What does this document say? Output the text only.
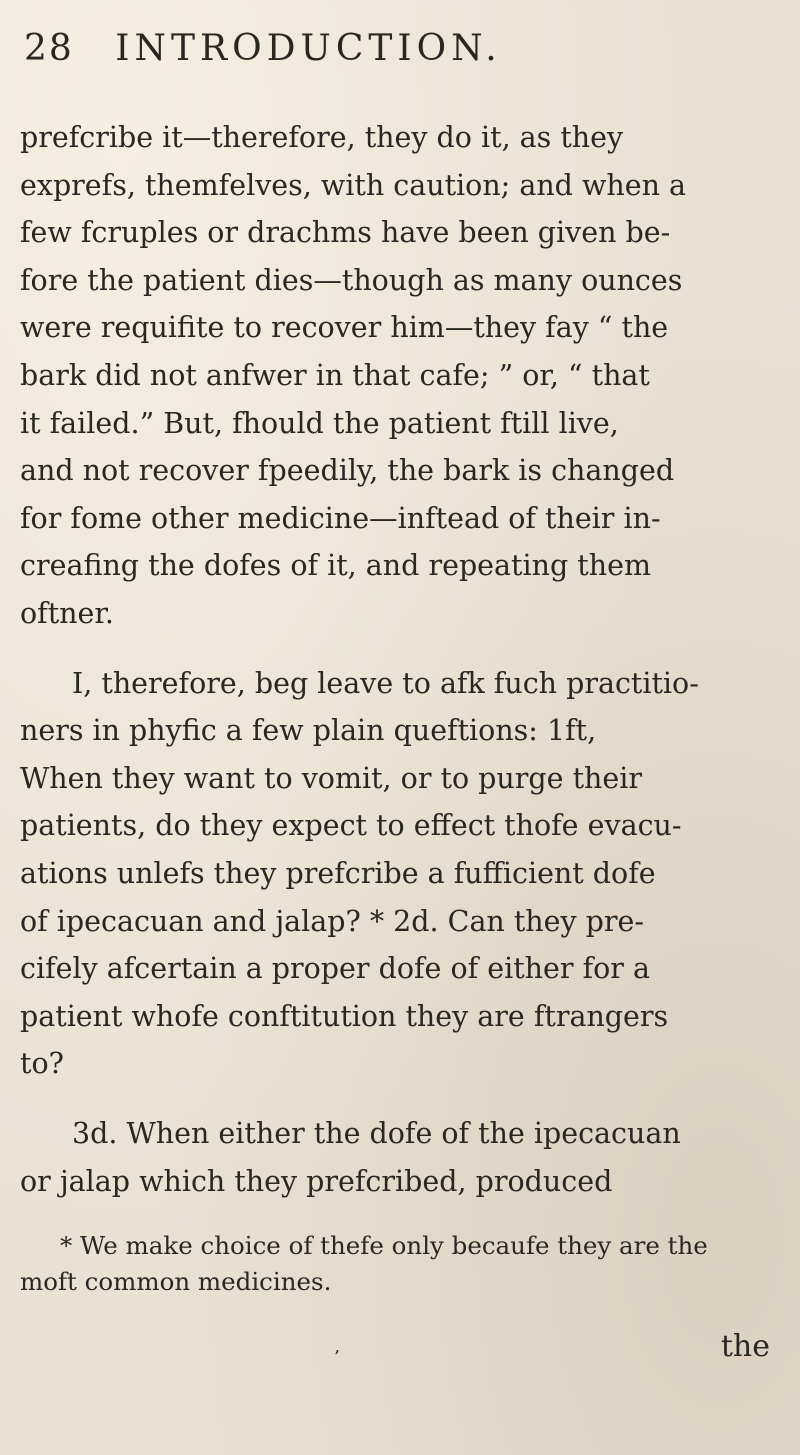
28 INTRODUCTION.
prefcribe it—therefore, they do it, as they
exprefs, themfelves, with caution; and when a
few fcruples or drachms have been given be-
fore the patient dies—though as many ounces
were requifite to recover him—they fay “ the
bark did not anfwer in that cafe; ” or, “ that
it failed.” But, fhould the patient ftill live,
and not recover fpeedily, the bark is changed
for fome other medicine—inftead of their in-
creafing the dofes of it, and repeating them
oftner.
I, therefore, beg leave to afk fuch practitio-
ners in phyfic a few plain queftions: 1ft,
When they want to vomit, or to purge their
patients, do they expect to effect thofe evacu-
ations unlefs they prefcribe a fufficient dofe
of ipecacuan and jalap? * 2d. Can they pre-
cifely afcertain a proper dofe of either for a
patient whofe conftitution they are ftrangers
to?
3d. When either the dofe of the ipecacuan
or jalap which they prefcribed, produced
* We make choice of thefe only becaufe they are the
moft common medicines.
the
’
